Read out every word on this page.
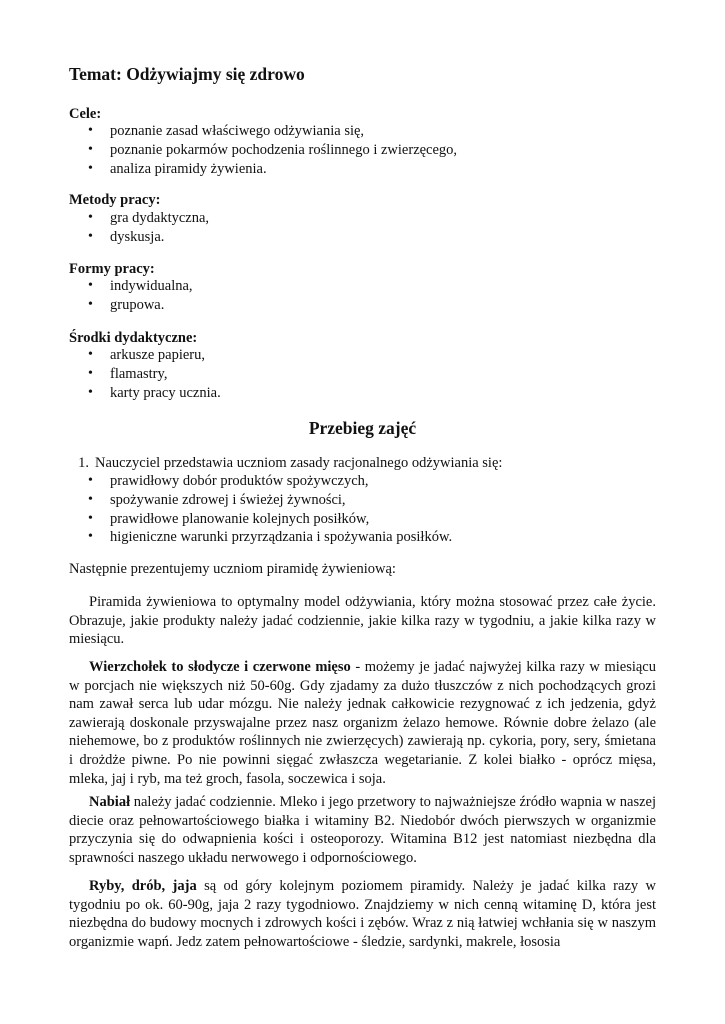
Temat: Odżywiajmy się zdrowo
Cele:
• poznanie zasad właściwego odżywiania się,
• poznanie pokarmów pochodzenia roślinnego i zwierzęcego,
• analiza piramidy żywienia.
Metody pracy:
• gra dydaktyczna,
• dyskusja.
Formy pracy:
• indywidualna,
• grupowa.
Środki dydaktyczne:
• arkusze papieru,
• flamastry,
• karty pracy ucznia.
Przebieg zajęć
1. Nauczyciel przedstawia uczniom zasady racjonalnego odżywiania się:
• prawidłowy dobór produktów spożywczych,
• spożywanie zdrowej i świeżej żywności,
• prawidłowe planowanie kolejnych posiłków,
• higieniczne warunki przyrządzania i spożywania posiłków.
Następnie prezentujemy uczniom piramidę żywieniową:

Piramida żywieniowa to optymalny model odżywiania, który można stosować przez całe życie. Obrazuje, jakie produkty należy jadać codziennie, jakie kilka razy w tygodniu, a jakie kilka razy w miesiącu.

Wierzchołek to słodycze i czerwone mięso - możemy je jadać najwyżej kilka razy w miesiącu w porcjach nie większych niż 50-60g. Gdy zjadamy za dużo tłuszczów z nich pochodzących grozi nam zawał serca lub udar mózgu. Nie należy jednak całkowicie rezygnować z ich jedzenia, gdyż zawierają doskonale przyswajalne przez nasz organizm żelazo hemowe. Równie dobre żelazo (ale niehemowe, bo z produktów roślinnych nie zwierzęcych) zawierają np. cykoria, pory, sery, śmietana i drożdże piwne. Po nie powinni sięgać zwłaszcza wegetarianie. Z kolei białko - oprócz mięsa, mleka, jaj i ryb, ma też groch, fasola, soczewica i soja.

Nabiał należy jadać codziennie. Mleko i jego przetwory to najważniejsze źródło wapnia w naszej diecie oraz pełnowartościowego białka i witaminy B2. Niedobór dwóch pierwszych w organizmie przyczynia się do odwapnienia kości i osteoporozy. Witamina B12 jest natomiast niezbędna dla sprawności naszego układu nerwowego i odpornościowego.

Ryby, drób, jaja są od góry kolejnym poziomem piramidy. Należy je jadać kilka razy w tygodniu po ok. 60-90g, jaja 2 razy tygodniowo. Znajdziemy w nich cenną witaminę D, która jest niezbędna do budowy mocnych i zdrowych kości i zębów. Wraz z nią łatwiej wchłania się w naszym organizmie wapń. Jedz zatem pełnowartościowe - śledzie, sardynki, makrele, łososia
